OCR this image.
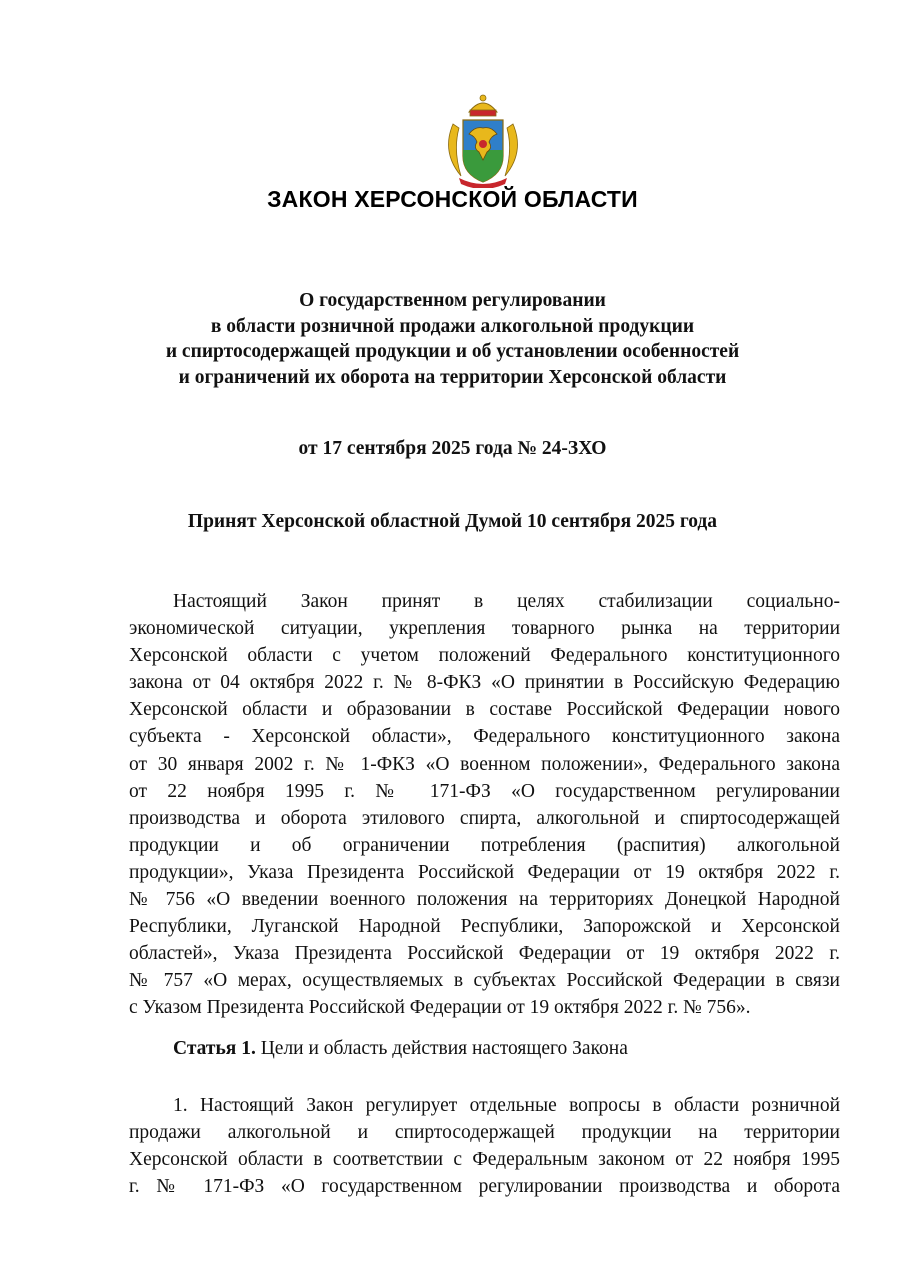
ЗАКОН ХЕРСОНСКОЙ ОБЛАСТИ
О государственном регулировании
в области розничной продажи алкогольной продукции
и спиртосодержащей продукции и об установлении особенностей
и ограничений их оборота на территории Херсонской области
от 17 сентября 2025 года № 24-ЗХО
Принят Херсонской областной Думой 10 сентября 2025 года
Настоящий Закон принят в целях стабилизации социально-
экономической ситуации, укрепления товарного рынка на территории
Херсонской области с учетом положений Федерального конституционного
закона от 04 октября 2022 г. № 8-ФКЗ «О принятии в Российскую Федерацию
Херсонской области и образовании в составе Российской Федерации нового
субъекта - Херсонской области», Федерального конституционного закона
от 30 января 2002 г. № 1-ФКЗ «О военном положении», Федерального закона
от 22 ноября 1995 г. № 171-ФЗ «О государственном регулировании
производства и оборота этилового спирта, алкогольной и спиртосодержащей
продукции и об ограничении потребления (распития) алкогольной
продукции», Указа Президента Российской Федерации от 19 октября 2022 г.
№ 756 «О введении военного положения на территориях Донецкой Народной
Республики, Луганской Народной Республики, Запорожской и Херсонской
областей», Указа Президента Российской Федерации от 19 октября 2022 г.
№ 757 «О мерах, осуществляемых в субъектах Российской Федерации в связи
с Указом Президента Российской Федерации от 19 октября 2022 г. № 756».
Статья 1. Цели и область действия настоящего Закона
1. Настоящий Закон регулирует отдельные вопросы в области розничной
продажи алкогольной и спиртосодержащей продукции на территории
Херсонской области в соответствии с Федеральным законом от 22 ноября 1995
г. № 171-ФЗ «О государственном регулировании производства и оборота
